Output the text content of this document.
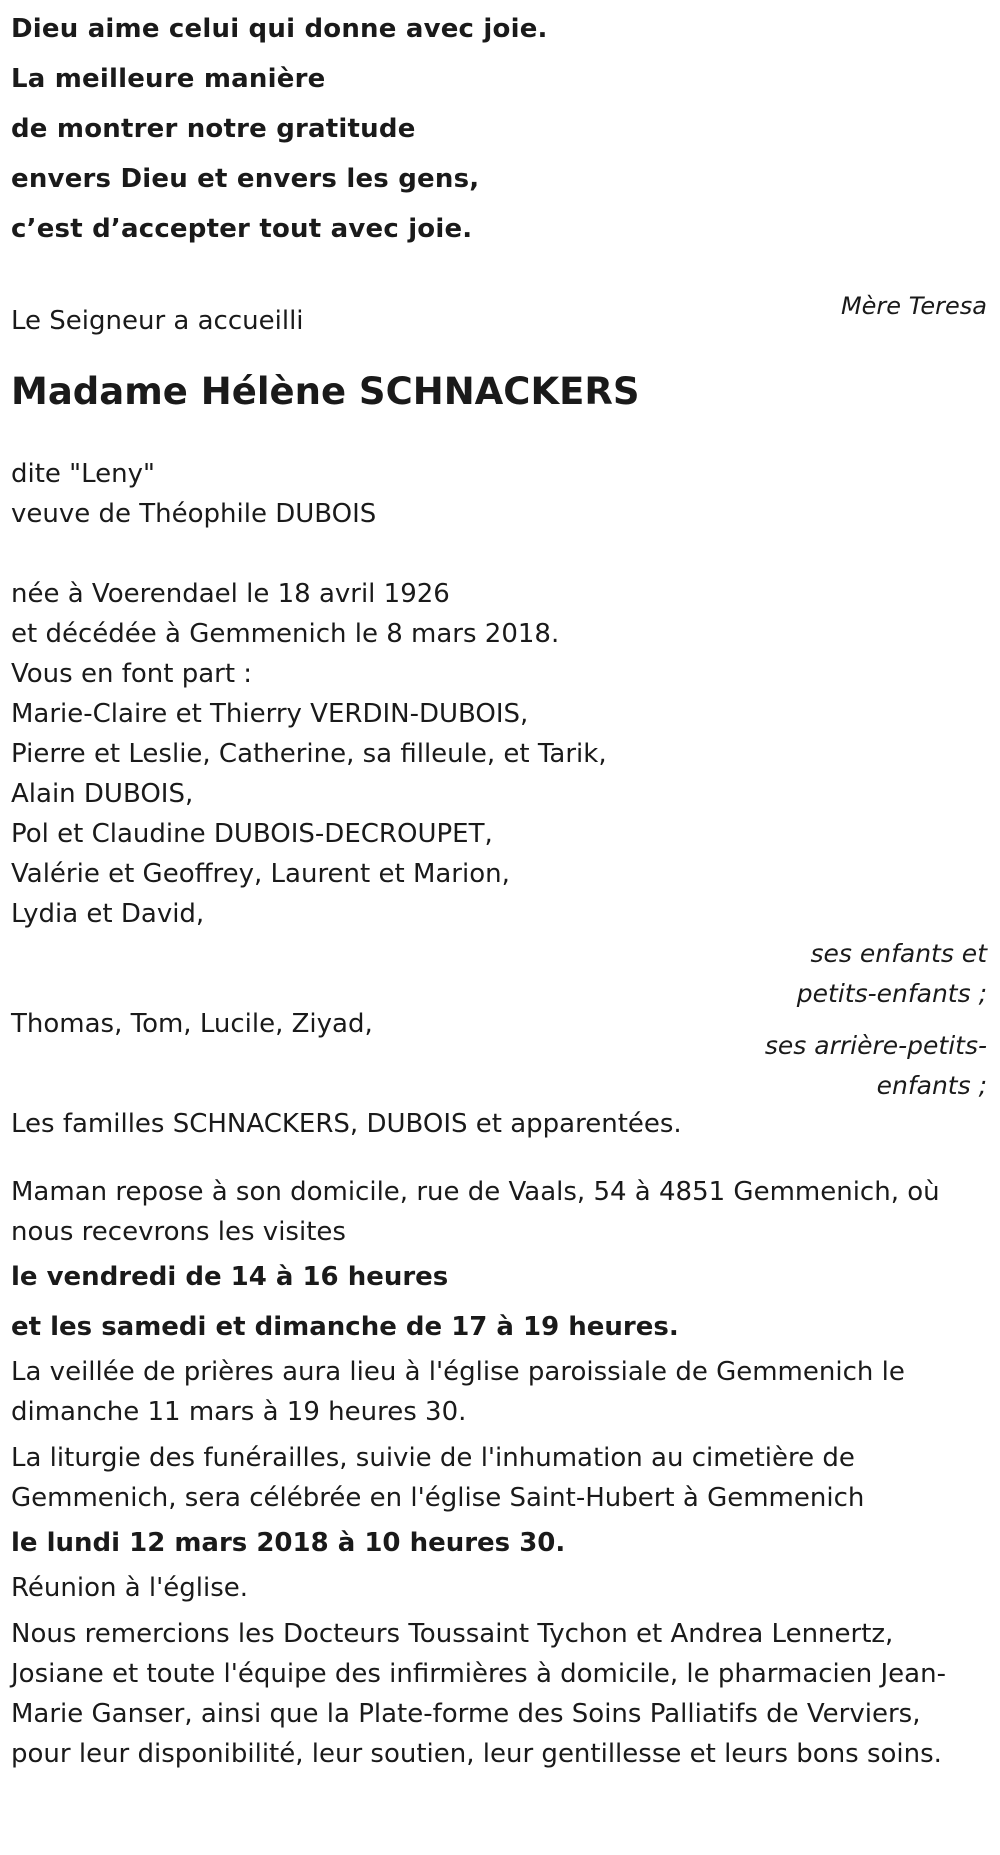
Dieu aime celui qui donne avec joie.
La meilleure manière
de montrer notre gratitude
envers Dieu et envers les gens,
c’est d’accepter tout avec joie.
Mère Teresa
Le Seigneur a accueilli
Madame Hélène SCHNACKERS
dite "Leny"
veuve de Théophile DUBOIS
née à Voerendael le 18 avril 1926
et décédée à Gemmenich le 8 mars 2018.
Vous en font part :
Marie-Claire et Thierry VERDIN-DUBOIS,
Pierre et Leslie, Catherine, sa filleule, et Tarik,
Alain DUBOIS,
Pol et Claudine DUBOIS-DECROUPET,
Valérie et Geoffrey, Laurent et Marion,
Lydia et David,
ses enfants et
petits-enfants ;
Thomas, Tom, Lucile, Ziyad,
ses arrière-petits-
enfants ;
Les familles SCHNACKERS, DUBOIS et apparentées.
Maman repose à son domicile, rue de Vaals, 54 à 4851 Gemmenich, où nous recevrons les visites
le vendredi de 14 à 16 heures
et les samedi et dimanche de 17 à 19 heures.
La veillée de prières aura lieu à l'église paroissiale de Gemmenich le dimanche 11 mars à 19 heures 30.
La liturgie des funérailles, suivie de l'inhumation au cimetière de Gemmenich, sera célébrée en l'église Saint-Hubert à Gemmenich
le lundi 12 mars 2018 à 10 heures 30.
Réunion à l'église.
Nous remercions les Docteurs Toussaint Tychon et Andrea Lennertz, Josiane et toute l'équipe des infirmières à domicile, le pharmacien Jean-Marie Ganser, ainsi que la Plate-forme des Soins Palliatifs de Verviers, pour leur disponibilité, leur soutien, leur gentillesse et leurs bons soins.
